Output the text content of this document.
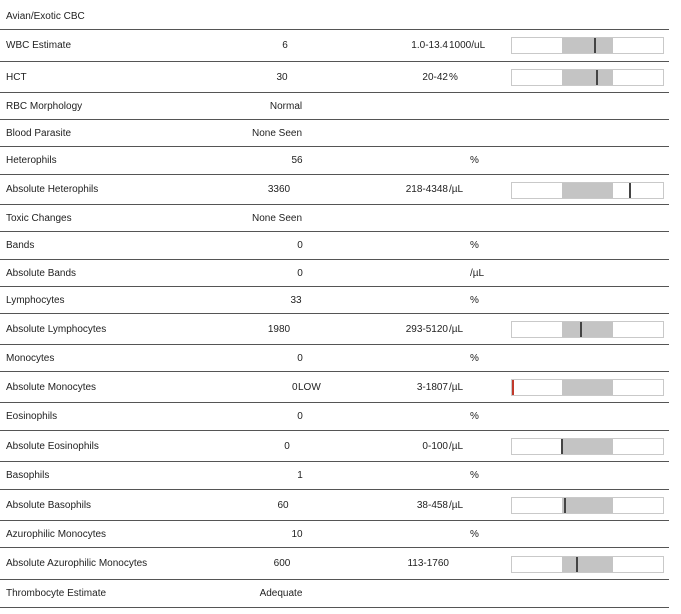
Avian/Exotic CBC
WBC Estimate	6	1.0-13.4 1000/uL
HCT	30	20-42 %
RBC Morphology	Normal
Blood Parasite	None Seen
Heterophils	56	%
Absolute Heterophils	3360	218-4348 /µL
Toxic Changes	None Seen
Bands	0	%
Absolute Bands	0	/µL
Lymphocytes	33	%
Absolute Lymphocytes	1980	293-5120 /µL
Monocytes	0	%
Absolute Monocytes	0 LOW	3-1807 /µL
Eosinophils	0	%
Absolute Eosinophils	0	0-100 /µL
Basophils	1	%
Absolute Basophils	60	38-458 /µL
Azurophilic Monocytes	10	%
Absolute Azurophilic Monocytes	600	113-1760
Thrombocyte Estimate	Adequate
